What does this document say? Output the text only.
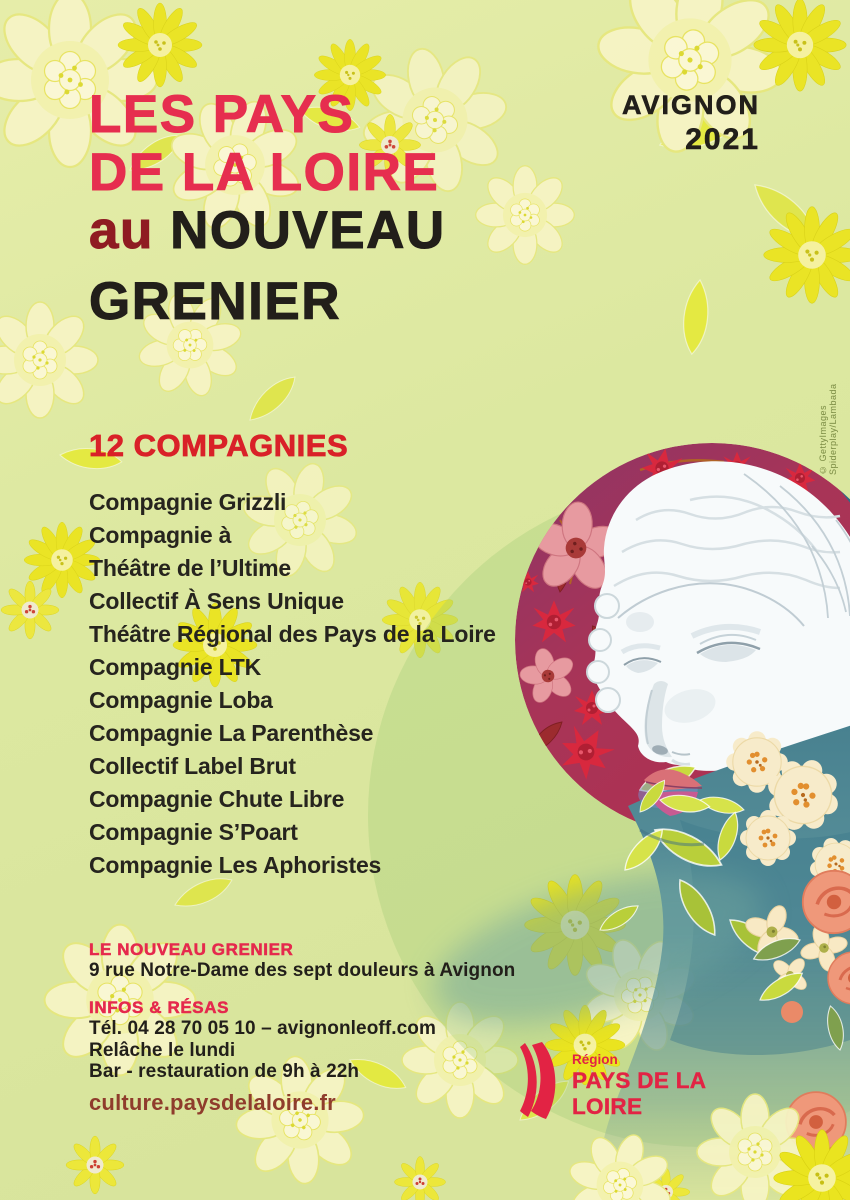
LES PAYS
DE LA LOIRE
au NOUVEAU
GRENIER
AVIGNON
2021
12 COMPAGNIES
Compagnie Grizzli
Compagnie à
Théâtre de l’Ultime
Collectif À Sens Unique
Théâtre Régional des Pays de la Loire
Compagnie LTK
Compagnie Loba
Compagnie La Parenthèse
Collectif Label Brut
Compagnie Chute Libre
Compagnie S’Poart
Compagnie Les Aphoristes
LE NOUVEAU GRENIER
9 rue Notre-Dame des sept douleurs à Avignon
INFOS & RÉSAS
Tél. 04 28 70 05 10 – avignonleoff.com
Relâche le lundi
Bar - restauration de 9h à 22h
culture.paysdelaloire.fr
© GettyImages Spiderplay/Lambada
Région
PAYS DE LA LOIRE
